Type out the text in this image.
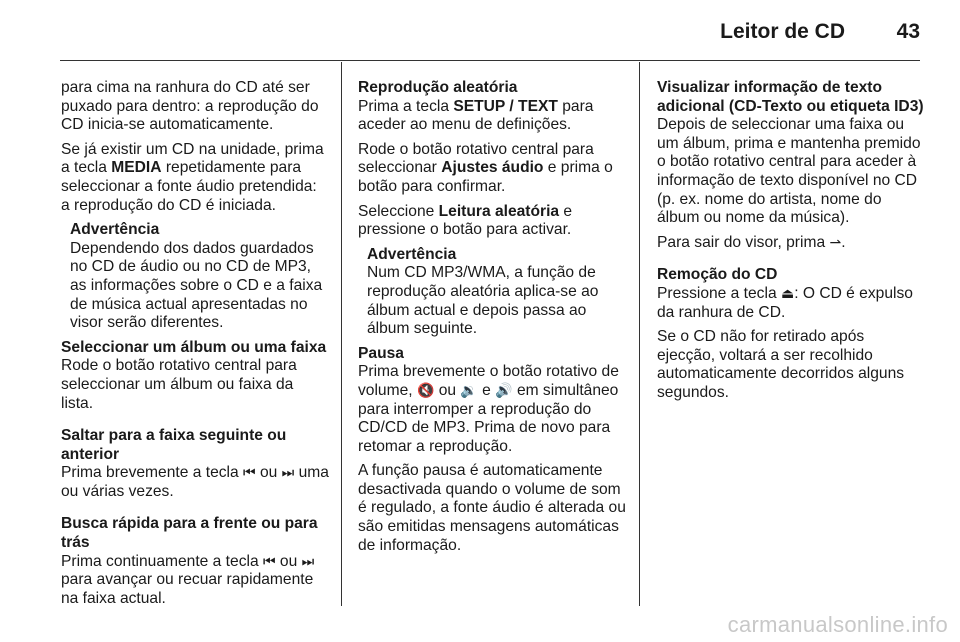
Leitor de CD 43

para cima na ranhura do CD até ser puxado para dentro: a reprodução do CD inicia-se automaticamente.

Se já existir um CD na unidade, prima a tecla MEDIA repetidamente para seleccionar a fonte áudio pretendida: a reprodução do CD é iniciada.

Advertência
Dependendo dos dados guardados no CD de áudio ou no CD de MP3, as informações sobre o CD e a faixa de música actual apresentadas no visor serão diferentes.
Seleccionar um álbum ou uma faixa
Rode o botão rotativo central para seleccionar um álbum ou faixa da lista.
Saltar para a faixa seguinte ou anterior
Prima brevemente a tecla ⏮ ou ⏭ uma ou várias vezes.
Busca rápida para a frente ou para trás
Prima continuamente a tecla ⏮ ou ⏭ para avançar ou recuar rapidamente na faixa actual.
Reprodução aleatória

Prima a tecla SETUP / TEXT para aceder ao menu de definições.

Rode o botão rotativo central para seleccionar Ajustes áudio e prima o botão para confirmar.

Seleccione Leitura aleatória e pressione o botão para activar.

Advertência
Num CD MP3/WMA, a função de reprodução aleatória aplica-se ao álbum actual e depois passa ao álbum seguinte.

Pausa
Prima brevemente o botão rotativo de volume, 🔇 ou 🔉 e 🔊 em simultâneo para interromper a reprodução do CD/CD de MP3. Prima de novo para retomar a reprodução.

A função pausa é automaticamente desactivada quando o volume de som é regulado, a fonte áudio é alterada ou são emitidas mensagens automáticas de informação.

Visualizar informação de texto adicional (CD-Texto ou etiqueta ID3)

Depois de seleccionar uma faixa ou um álbum, prima e mantenha premido o botão rotativo central para aceder à informação de texto disponível no CD (p. ex. nome do artista, nome do álbum ou nome da música).

Para sair do visor, prima ⇀.

Remoção do CD

Pressione a tecla ⏏: O CD é expulso da ranhura de CD.

Se o CD não for retirado após ejecção, voltará a ser recolhido automaticamente decorridos alguns segundos.

carmanualsonline.info
